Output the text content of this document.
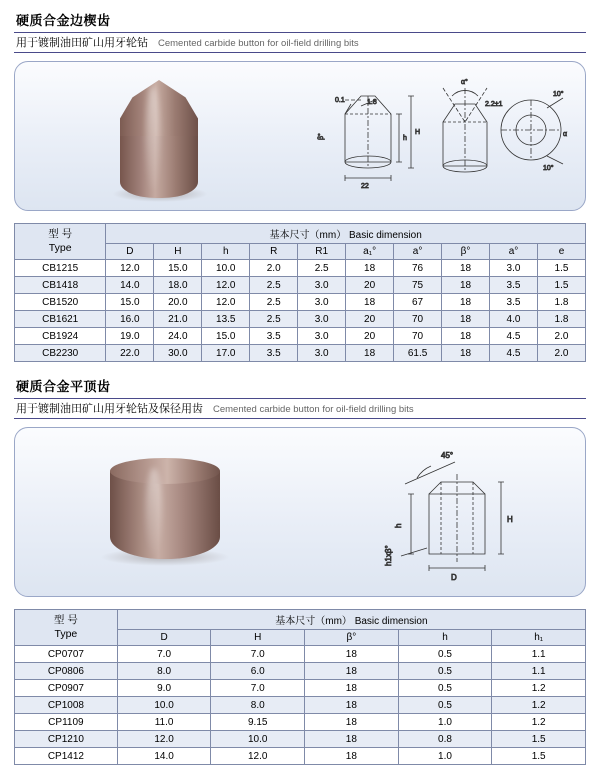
硬质合金边楔齿
用于镀制油田矿山用牙轮钻 Cemented carbide button for oil-field drilling bits
0.1	1.8
β°	h
H
22
α°
2.2±1
10°
10°
α
型 号
Type	基本尺寸（mm） Basic dimension									
	D	H	h	R	R1	a₁°	a°	β°	a°	e
CB1215	12.0	15.0	10.0	2.0	2.5	18	76	18	3.0	1.5
CB1418	14.0	18.0	12.0	2.5	3.0	20	75	18	3.5	1.5
CB1520	15.0	20.0	12.0	2.5	3.0	18	67	18	3.5	1.8
CB1621	16.0	21.0	13.5	2.5	3.0	20	70	18	4.0	1.8
CB1924	19.0	24.0	15.0	3.5	3.0	20	70	18	4.5	2.0
CB2230	22.0	30.0	17.0	3.5	3.0	18	61.5	18	4.5	2.0
硬质合金平顶齿
用于镀制油田矿山用牙轮钻及保径用齿 Cemented carbide button for oil-field drilling bits
45°
h
H
D
h1xβ°
型 号
Type	基本尺寸（mm） Basic dimension				
	D	H	β°	h	h₁
CP0707	7.0	7.0	18	0.5	1.1
CP0806	8.0	6.0	18	0.5	1.1
CP0907	9.0	7.0	18	0.5	1.2
CP1008	10.0	8.0	18	0.5	1.2
CP1109	11.0	9.15	18	1.0	1.2
CP1210	12.0	10.0	18	0.8	1.5
CP1412	14.0	12.0	18	1.0	1.5
